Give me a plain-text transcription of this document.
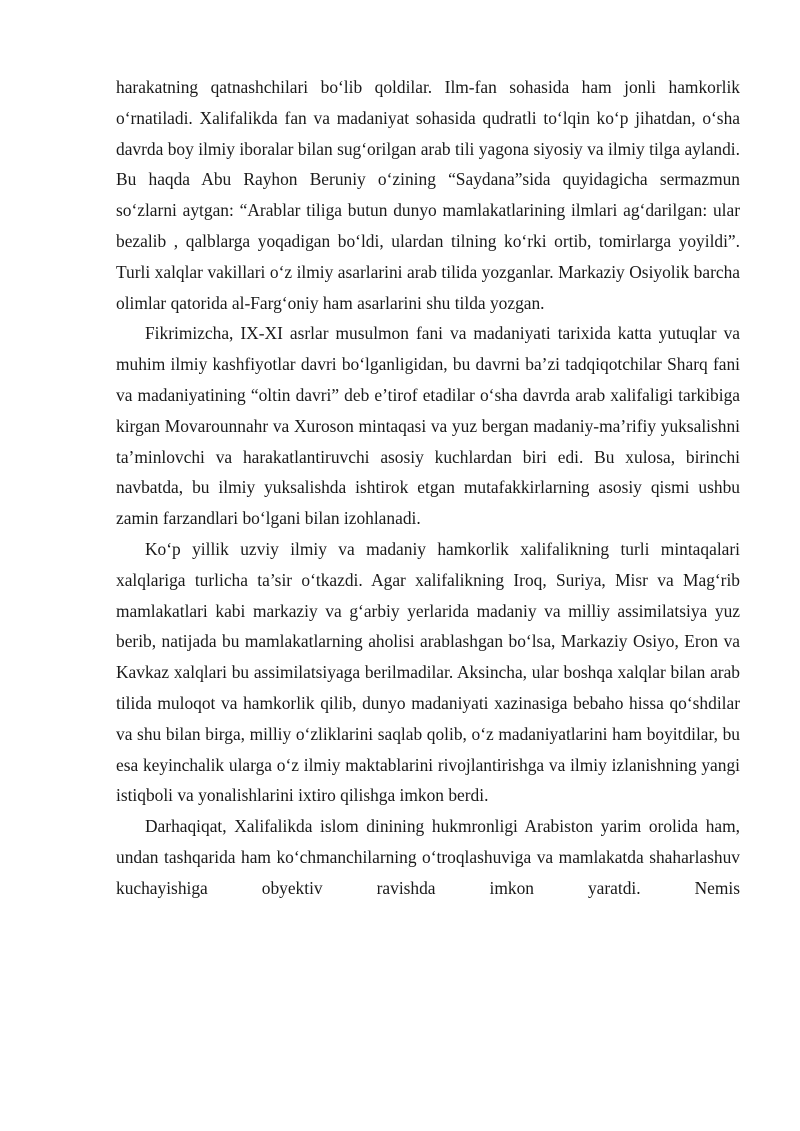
harakatning qatnashchilari bo‘lib qoldilar. Ilm-fan sohasida ham jonli hamkorlik o‘rnatiladi. Xalifalikda fan va madaniyat sohasida qudratli to‘lqin ko‘p jihatdan, o‘sha davrda boy ilmiy iboralar bilan sug‘orilgan arab tili yagona siyosiy va ilmiy tilga aylandi. Bu haqda Abu Rayhon Beruniy o‘zining “Saydana”sida quyidagicha sermazmun so‘zlarni aytgan: “Arablar tiliga butun dunyo mamlakatlarining ilmlari ag‘darilgan: ular bezalib , qalblarga yoqadigan bo‘ldi, ulardan tilning ko‘rki ortib, tomirlarga yoyildi”. Turli xalqlar vakillari o‘z ilmiy asarlarini arab tilida yozganlar. Markaziy Osiyolik barcha olimlar qatorida al-Farg‘oniy ham asarlarini shu tilda yozgan.

Fikrimizcha, IX-XI asrlar musulmon fani va madaniyati tarixida katta yutuqlar va muhim ilmiy kashfiyotlar davri bo‘lganligidan, bu davrni ba’zi tadqiqotchilar Sharq fani va madaniyatining “oltin davri” deb e’tirof etadilar o‘sha davrda arab xalifaligi tarkibiga kirgan Movarounnahr va Xuroson mintaqasi va yuz bergan madaniy-ma’rifiy yuksalishni ta’minlovchi va harakatlantiruvchi asosiy kuchlardan biri edi. Bu xulosa, birinchi navbatda, bu ilmiy yuksalishda ishtirok etgan mutafakkirlarning asosiy qismi ushbu zamin farzandlari bo‘lgani bilan izohlanadi.

Ko‘p yillik uzviy ilmiy va madaniy hamkorlik xalifalikning turli mintaqalari xalqlariga turlicha ta’sir o‘tkazdi. Agar xalifalikning Iroq, Suriya, Misr va Mag‘rib mamlakatlari kabi markaziy va g‘arbiy yerlarida madaniy va milliy assimilatsiya yuz berib, natijada bu mamlakatlarning aholisi arablashgan bo‘lsa, Markaziy Osiyo, Eron va Kavkaz xalqlari bu assimilatsiyaga berilmadilar. Aksincha, ular boshqa xalqlar bilan arab tilida muloqot va hamkorlik qilib, dunyo madaniyati xazinasiga bebaho hissa qo‘shdilar va shu bilan birga, milliy o‘zliklarini saqlab qolib, o‘z madaniyatlarini ham boyitdilar, bu esa keyinchalik ularga o‘z ilmiy maktablarini rivojlantirishga va ilmiy izlanishning yangi istiqboli va yonalishlarini ixtiro qilishga imkon berdi.

Darhaqiqat, Xalifalikda islom dinining hukmronligi Arabiston yarim orolida ham, undan tashqarida ham ko‘chmanchilarning o‘troqlashuviga va mamlakatda shaharlashuv kuchayishiga obyektiv ravishda imkon yaratdi. Nemis
